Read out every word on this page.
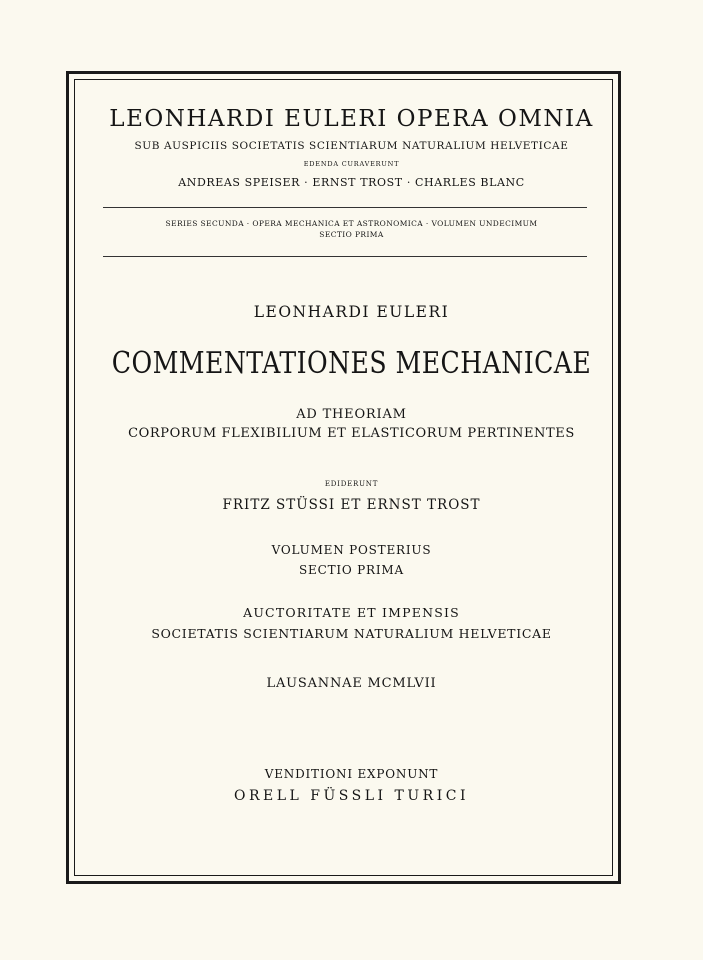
LEONHARDI EULERI OPERA OMNIA
SUB AUSPICIIS SOCIETATIS SCIENTIARUM NATURALIUM HELVETICAE
EDENDA CURAVERUNT
ANDREAS SPEISER · ERNST TROST · CHARLES BLANC
SERIES SECUNDA · OPERA MECHANICA ET ASTRONOMICA · VOLUMEN UNDECIMUM
SECTIO PRIMA
LEONHARDI EULERI
COMMENTATIONES MECHANICAE
AD THEORIAM
CORPORUM FLEXIBILIUM ET ELASTICORUM PERTINENTES
EDIDERUNT
FRITZ STÜSSI ET ERNST TROST
VOLUMEN POSTERIUS
SECTIO PRIMA
AUCTORITATE ET IMPENSIS
SOCIETATIS SCIENTIARUM NATURALIUM HELVETICAE
LAUSANNAE MCMLVII
VENDITIONI EXPONUNT
ORELL FÜSSLI TURICI
